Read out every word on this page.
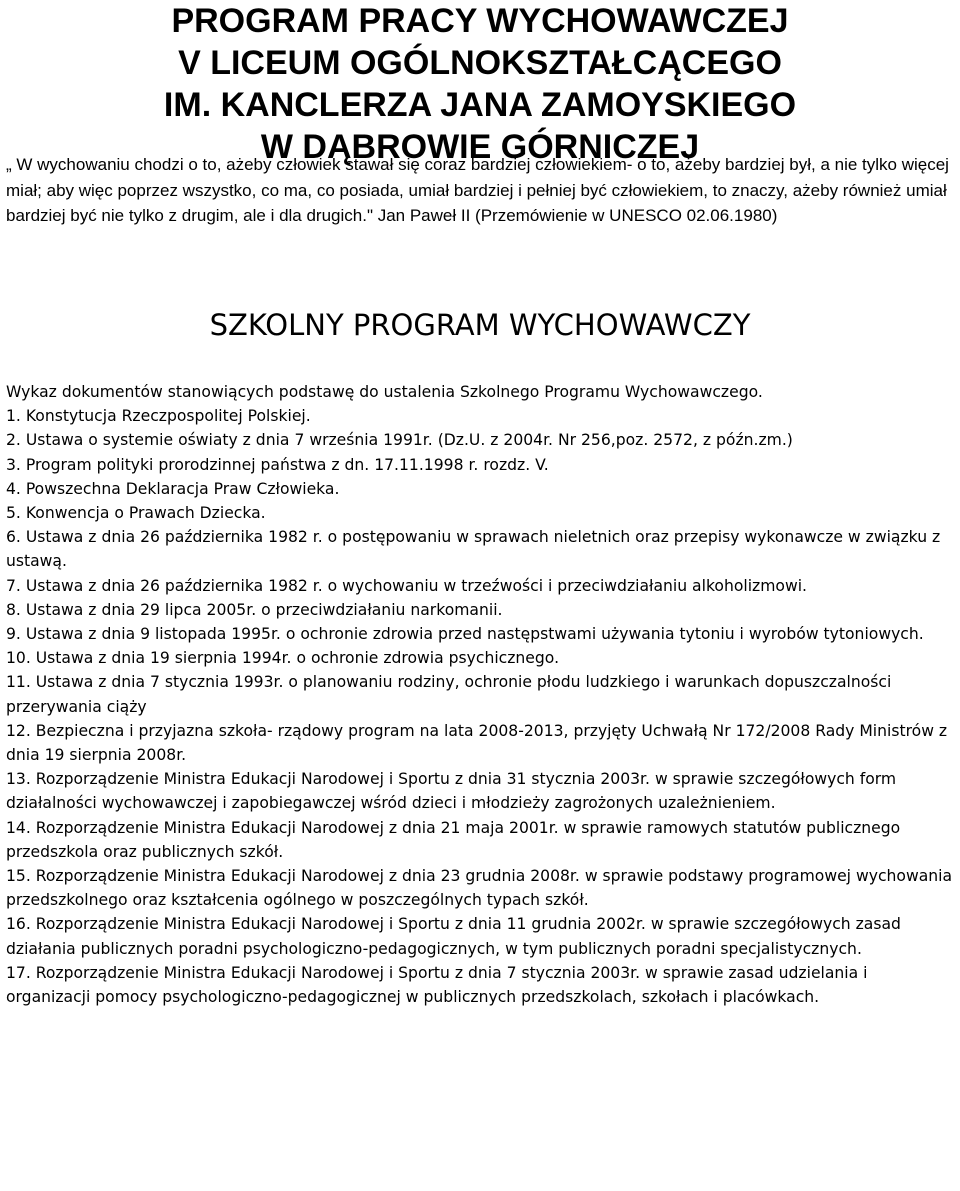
PROGRAM PRACY WYCHOWAWCZEJ
V LICEUM OGÓLNOKSZTAŁCĄCEGO
IM. KANCLERZA JANA ZAMOYSKIEGO
W DĄBROWIE GÓRNICZEJ

„ W wychowaniu chodzi o to, ażeby człowiek stawał się coraz bardziej człowiekiem- o to, ażeby bardziej był, a nie tylko więcej miał; aby więc poprzez wszystko, co ma, co posiada, umiał bardziej i pełniej być człowiekiem, to znaczy, ażeby również umiał bardziej być nie tylko z drugim, ale i dla drugich." Jan Paweł II (Przemówienie w UNESCO 02.06.1980)

SZKOLNY PROGRAM WYCHOWAWCZY

Wykaz dokumentów stanowiących podstawę do ustalenia Szkolnego Programu Wychowawczego.

1. Konstytucja Rzeczpospolitej Polskiej.

2. Ustawa o systemie oświaty z dnia 7 września 1991r. (Dz.U. z 2004r. Nr 256,poz. 2572, z późn.zm.)

3. Program polityki prorodzinnej państwa z dn. 17.11.1998 r. rozdz. V.

4. Powszechna Deklaracja Praw Człowieka.

5. Konwencja o Prawach Dziecka.

6. Ustawa z dnia 26 października 1982 r. o postępowaniu w sprawach nieletnich oraz przepisy wykonawcze w związku z ustawą.

7. Ustawa z dnia 26 października 1982 r. o wychowaniu w trzeźwości i przeciwdziałaniu alkoholizmowi.

8. Ustawa z dnia 29 lipca 2005r. o przeciwdziałaniu narkomanii.

9. Ustawa z dnia 9 listopada 1995r. o ochronie zdrowia przed następstwami używania tytoniu i wyrobów tytoniowych.

10. Ustawa z dnia 19 sierpnia 1994r. o ochronie zdrowia psychicznego.

11. Ustawa z dnia 7 stycznia 1993r. o planowaniu rodziny, ochronie płodu ludzkiego i warunkach dopuszczalności przerywania ciąży

12. Bezpieczna i przyjazna szkoła- rządowy program na lata 2008-2013, przyjęty Uchwałą Nr 172/2008 Rady Ministrów z dnia 19 sierpnia 2008r.

13. Rozporządzenie Ministra Edukacji Narodowej i Sportu z dnia 31 stycznia 2003r. w sprawie szczegółowych form działalności wychowawczej i zapobiegawczej wśród dzieci i młodzieży zagrożonych uzależnieniem.

14. Rozporządzenie Ministra Edukacji Narodowej z dnia 21 maja 2001r. w sprawie ramowych statutów publicznego przedszkola oraz publicznych szkół.

15. Rozporządzenie Ministra Edukacji Narodowej z dnia 23 grudnia 2008r. w sprawie podstawy programowej wychowania przedszkolnego oraz kształcenia ogólnego w poszczególnych typach szkół.

16. Rozporządzenie Ministra Edukacji Narodowej i Sportu z dnia 11 grudnia 2002r. w sprawie szczegółowych zasad działania publicznych poradni psychologiczno-pedagogicznych, w tym publicznych poradni specjalistycznych.

17. Rozporządzenie Ministra Edukacji Narodowej i Sportu z dnia 7 stycznia 2003r. w sprawie zasad udzielania i organizacji pomocy psychologiczno-pedagogicznej w publicznych przedszkolach, szkołach i placówkach.
